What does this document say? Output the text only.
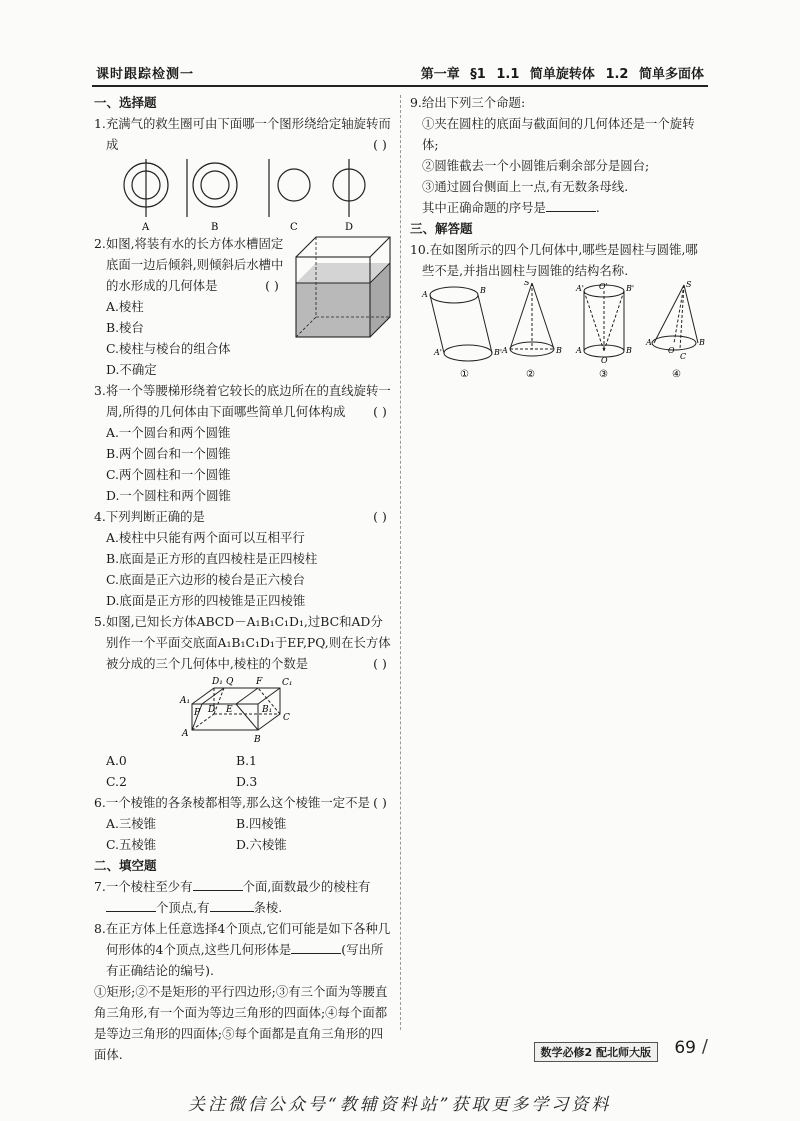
课时跟踪检测一	第一章 §1 1.1 简单旋转体 1.2 简单多面体
一、选择题
1.充满气的救生圈可由下面哪一个图形绕给定轴旋转而成	( )
A	B	C	D
2.如图,将装有水的长方体水槽固定底面一边后倾斜,则倾斜后水槽中的水形成的几何体是	( )
A.棱柱
B.棱台
C.棱柱与棱台的组合体
D.不确定
3.将一个等腰梯形绕着它较长的底边所在的直线旋转一周,所得的几何体由下面哪些简单几何体构成 ( )
A.一个圆台和两个圆锥
B.两个圆台和一个圆锥
C.两个圆柱和一个圆锥
D.一个圆柱和两个圆锥
4.下列判断正确的是	( )
A.棱柱中只能有两个面可以互相平行
B.底面是正方形的直四棱柱是正四棱柱
C.底面是正六边形的棱台是正六棱台
D.底面是正方形的四棱锥是正四棱锥
5.如图,已知长方体ABCD－A₁B₁C₁D₁,过BC和AD分别作一个平面交底面A₁B₁C₁D₁于EF,PQ,则在长方体被分成的三个几何体中,棱柱的个数是	( )
D₁ Q	F C₁
A₁
P D E	B₁
C
A
B
A.0	B.1
C.2	D.3
6.一个棱锥的各条棱都相等,那么这个棱锥一定不是 ( )
A.三棱锥	B.四棱锥
C.五棱锥	D.六棱锥
二、填空题
7.一个棱柱至少有	个面,面数最少的棱柱有个顶点,有	条棱.
8.在正方体上任意选择4个顶点,它们可能是如下各种几何形体的4个顶点,这些几何形体是	(写出所有正确结论的编号).
①矩形;②不是矩形的平行四边形;③有三个面为等腰直角三角形,有一个面为等边三角形的四面体;④每个面都是等边三角形的四面体;⑤每个面都是直角三角形的四面体.
9.给出下列三个命题:
①夹在圆柱的底面与截面间的几何体还是一个旋转体;
②圆锥截去一个小圆锥后剩余部分是圆台;
③通过圆台侧面上一点,有无数条母线.
其中正确命题的序号是	.
三、解答题
10.在如图所示的四个几何体中,哪些是圆柱与圆锥,哪些不是,并指出圆柱与圆锥的结构名称.
A	B
A'	B'
S
A	B
A' O' B'
A
O
B
S
A
O
C
B
①	②	③	④
数学必修2 配北师大版	69 /
关注微信公众号“教辅资料站”获取更多学习资料
